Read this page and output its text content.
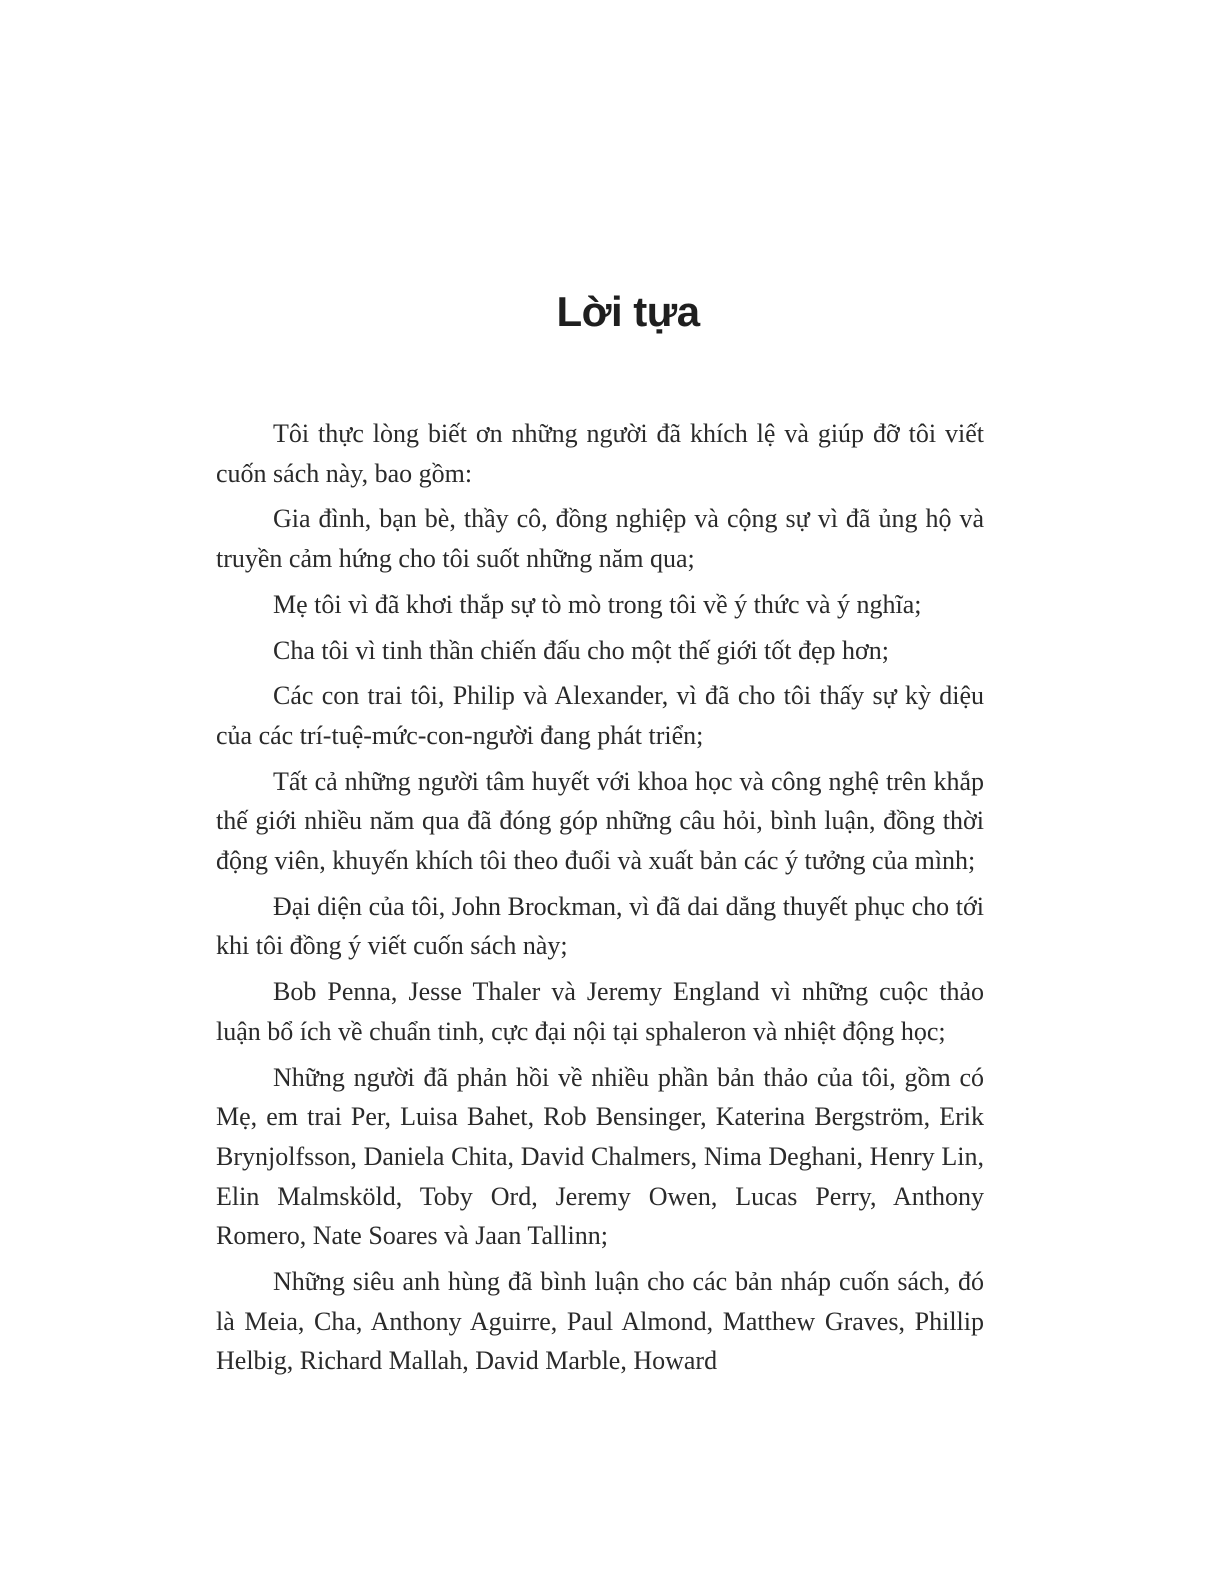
Lời tựa

Tôi thực lòng biết ơn những người đã khích lệ và giúp đỡ tôi viết cuốn sách này, bao gồm:

Gia đình, bạn bè, thầy cô, đồng nghiệp và cộng sự vì đã ủng hộ và truyền cảm hứng cho tôi suốt những năm qua;

Mẹ tôi vì đã khơi thắp sự tò mò trong tôi về ý thức và ý nghĩa;

Cha tôi vì tinh thần chiến đấu cho một thế giới tốt đẹp hơn;

Các con trai tôi, Philip và Alexander, vì đã cho tôi thấy sự kỳ diệu của các trí-tuệ-mức-con-người đang phát triển;

Tất cả những người tâm huyết với khoa học và công nghệ trên khắp thế giới nhiều năm qua đã đóng góp những câu hỏi, bình luận, đồng thời động viên, khuyến khích tôi theo đuổi và xuất bản các ý tưởng của mình;

Đại diện của tôi, John Brockman, vì đã dai dẳng thuyết phục cho tới khi tôi đồng ý viết cuốn sách này;

Bob Penna, Jesse Thaler và Jeremy England vì những cuộc thảo luận bổ ích về chuẩn tinh, cực đại nội tại sphaleron và nhiệt động học;

Những người đã phản hồi về nhiều phần bản thảo của tôi, gồm có Mẹ, em trai Per, Luisa Bahet, Rob Bensinger, Katerina Bergström, Erik Brynjolfsson, Daniela Chita, David Chalmers, Nima Deghani, Henry Lin, Elin Malmsköld, Toby Ord, Jeremy Owen, Lucas Perry, Anthony Romero, Nate Soares và Jaan Tallinn;

Những siêu anh hùng đã bình luận cho các bản nháp cuốn sách, đó là Meia, Cha, Anthony Aguirre, Paul Almond, Matthew Graves, Phillip Helbig, Richard Mallah, David Marble, Howard
